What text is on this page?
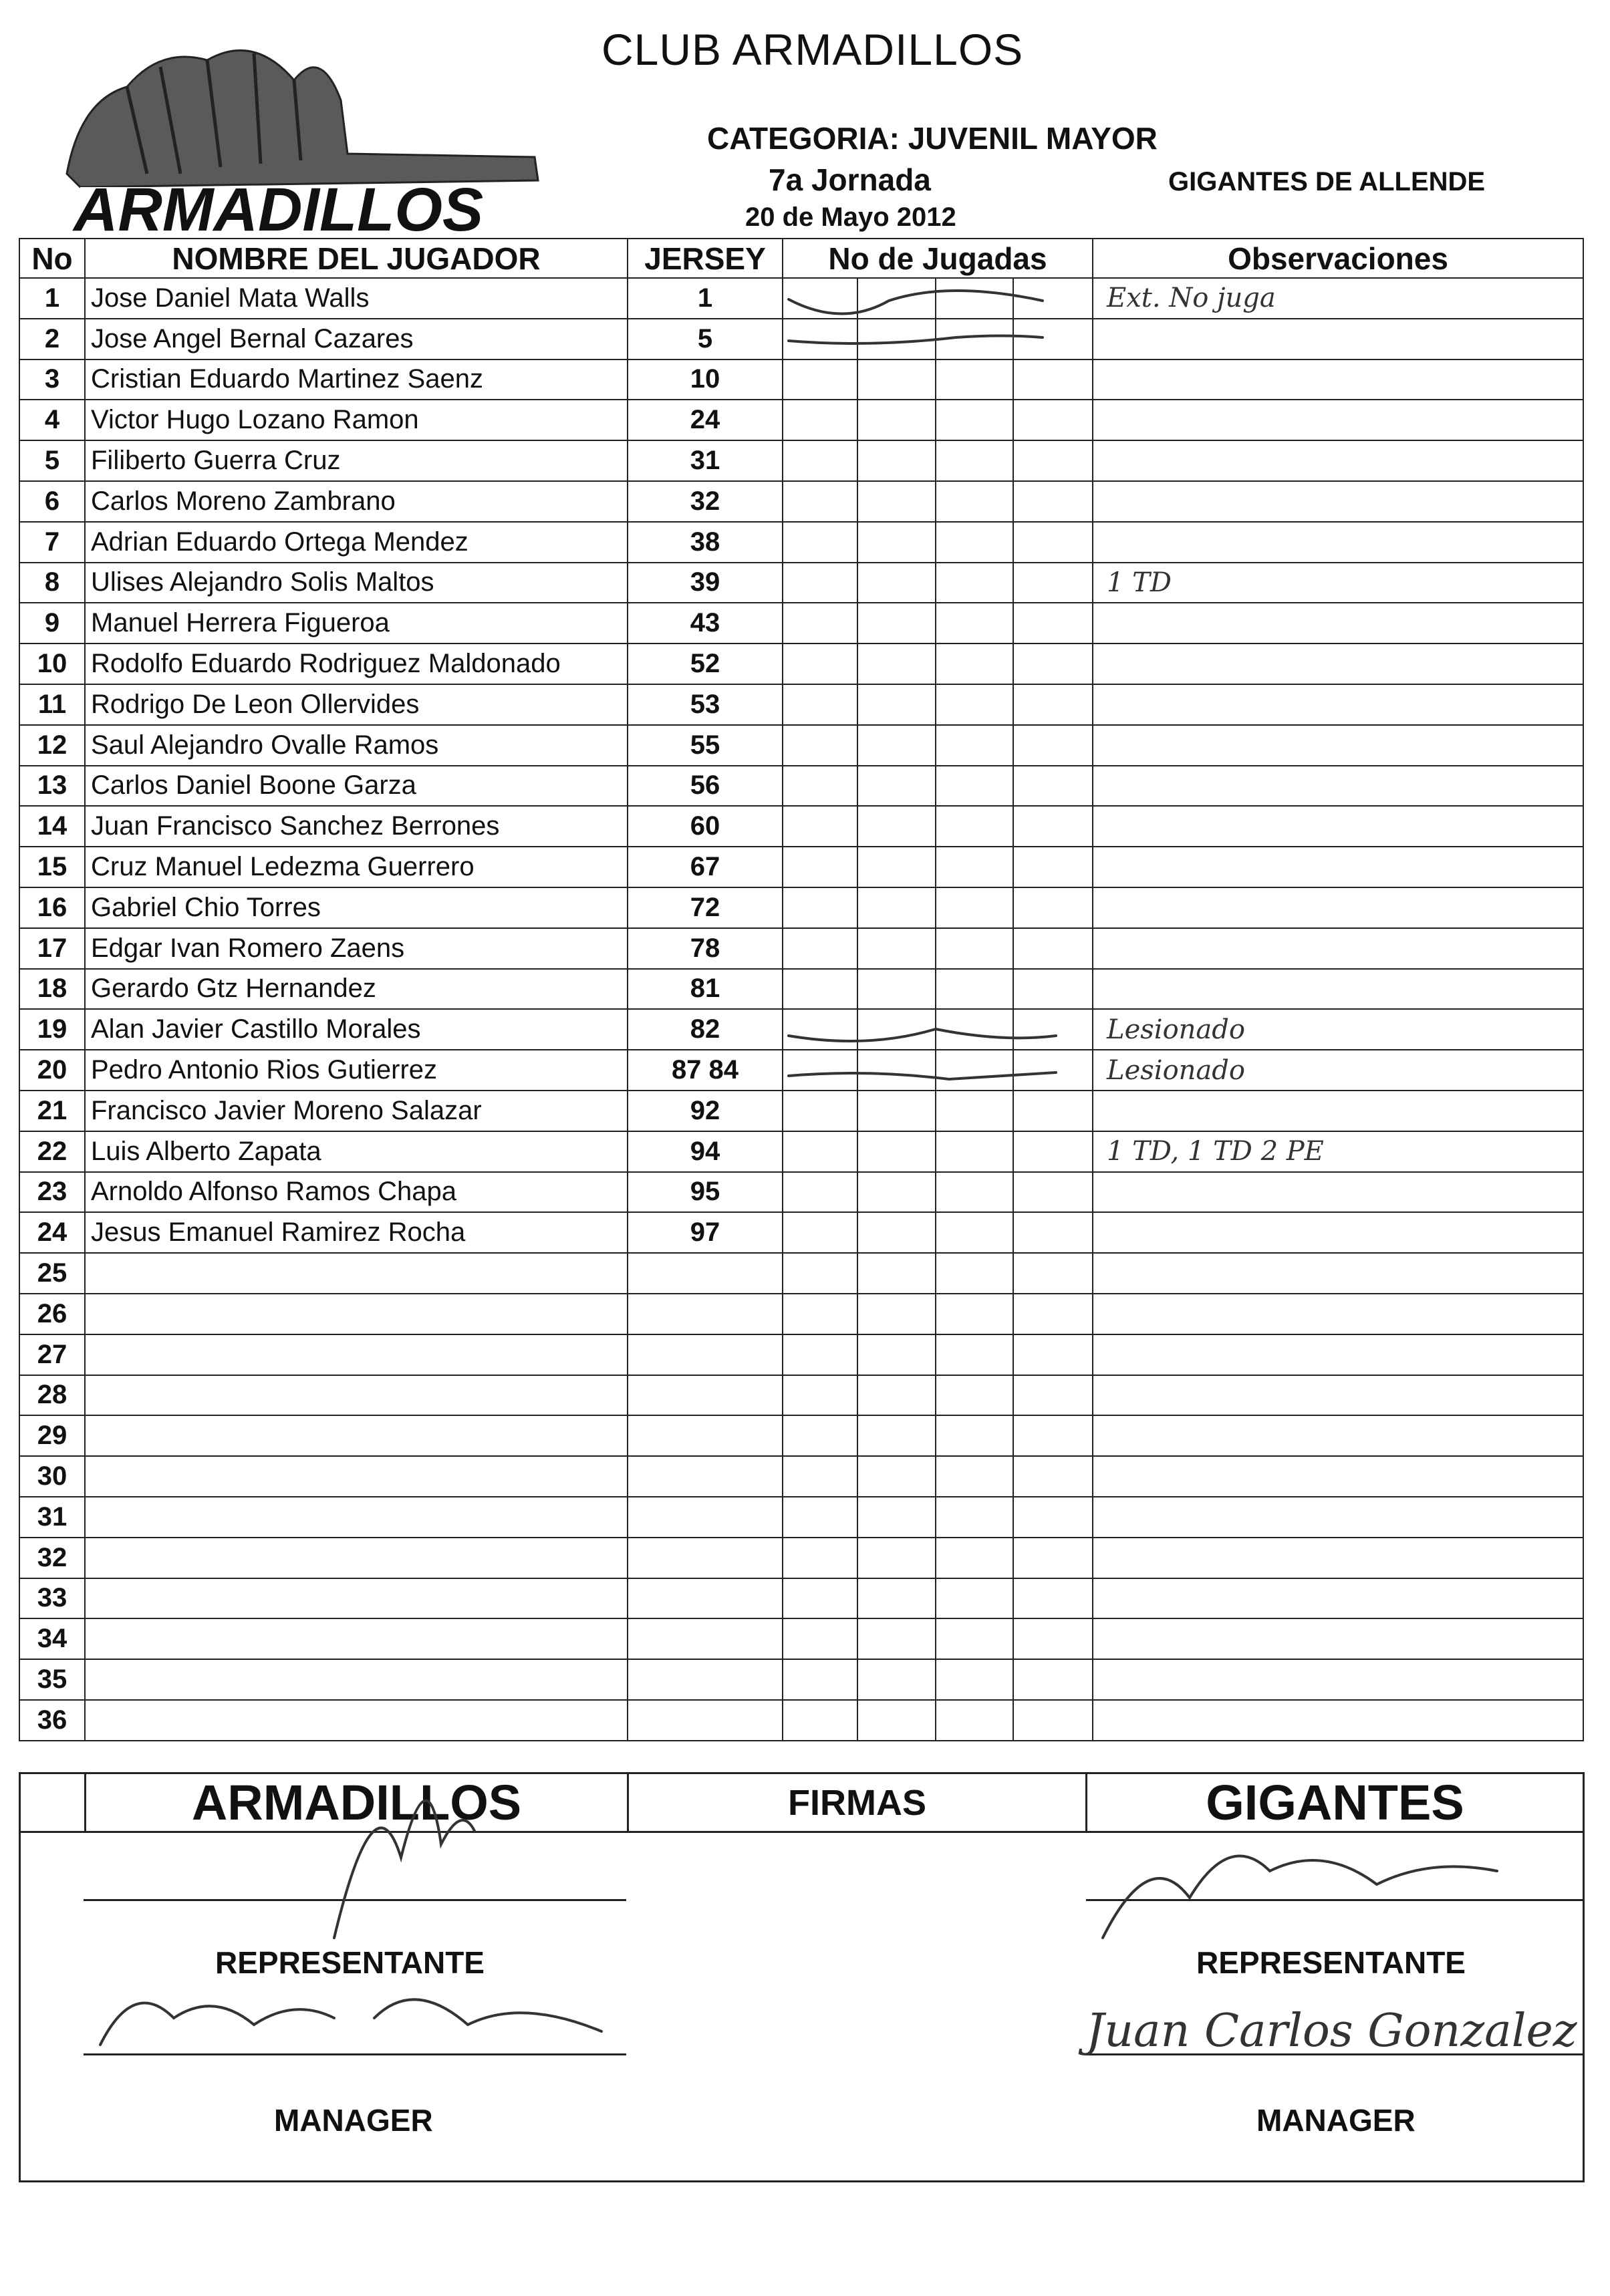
CLUB ARMADILLOS
CATEGORIA: JUVENIL MAYOR
7a Jornada
20 de Mayo 2012
GIGANTES DE ALLENDE
ARMADILLOS
No	NOMBRE DEL JUGADOR	JERSEY	No de Jugadas				Observaciones
1	Jose Daniel Mata Walls	1					Ext. No juga
2	Jose Angel Bernal Cazares	5					
3	Cristian Eduardo Martinez Saenz	10					
4	Victor Hugo Lozano Ramon	24					
5	Filiberto Guerra Cruz	31					
6	Carlos Moreno Zambrano	32					
7	Adrian Eduardo Ortega Mendez	38					
8	Ulises Alejandro Solis Maltos	39					1 TD
9	Manuel Herrera Figueroa	43					
10	Rodolfo Eduardo Rodriguez Maldonado	52					
11	Rodrigo De Leon Ollervides	53					
12	Saul Alejandro Ovalle Ramos	55					
13	Carlos Daniel Boone Garza	56					
14	Juan Francisco Sanchez Berrones	60					
15	Cruz Manuel Ledezma Guerrero	67					
16	Gabriel Chio Torres	72					
17	Edgar Ivan Romero Zaens	78					
18	Gerardo Gtz Hernandez	81					
19	Alan Javier Castillo Morales	82					Lesionado
20	Pedro Antonio Rios Gutierrez	87 84					Lesionado
21	Francisco Javier Moreno Salazar	92					
22	Luis Alberto Zapata	94					1 TD, 1 TD 2 PE
23	Arnoldo Alfonso Ramos Chapa	95					
24	Jesus Emanuel Ramirez Rocha	97					
25							
26							
27							
28							
29							
30							
31							
32							
33							
34							
35							
36							
	ARMADILLOS	FIRMAS	GIGANTES

REPRESENTANTE	REPRESENTANTE
MANAGER	MANAGER
Juan Carlos Gonzalez
